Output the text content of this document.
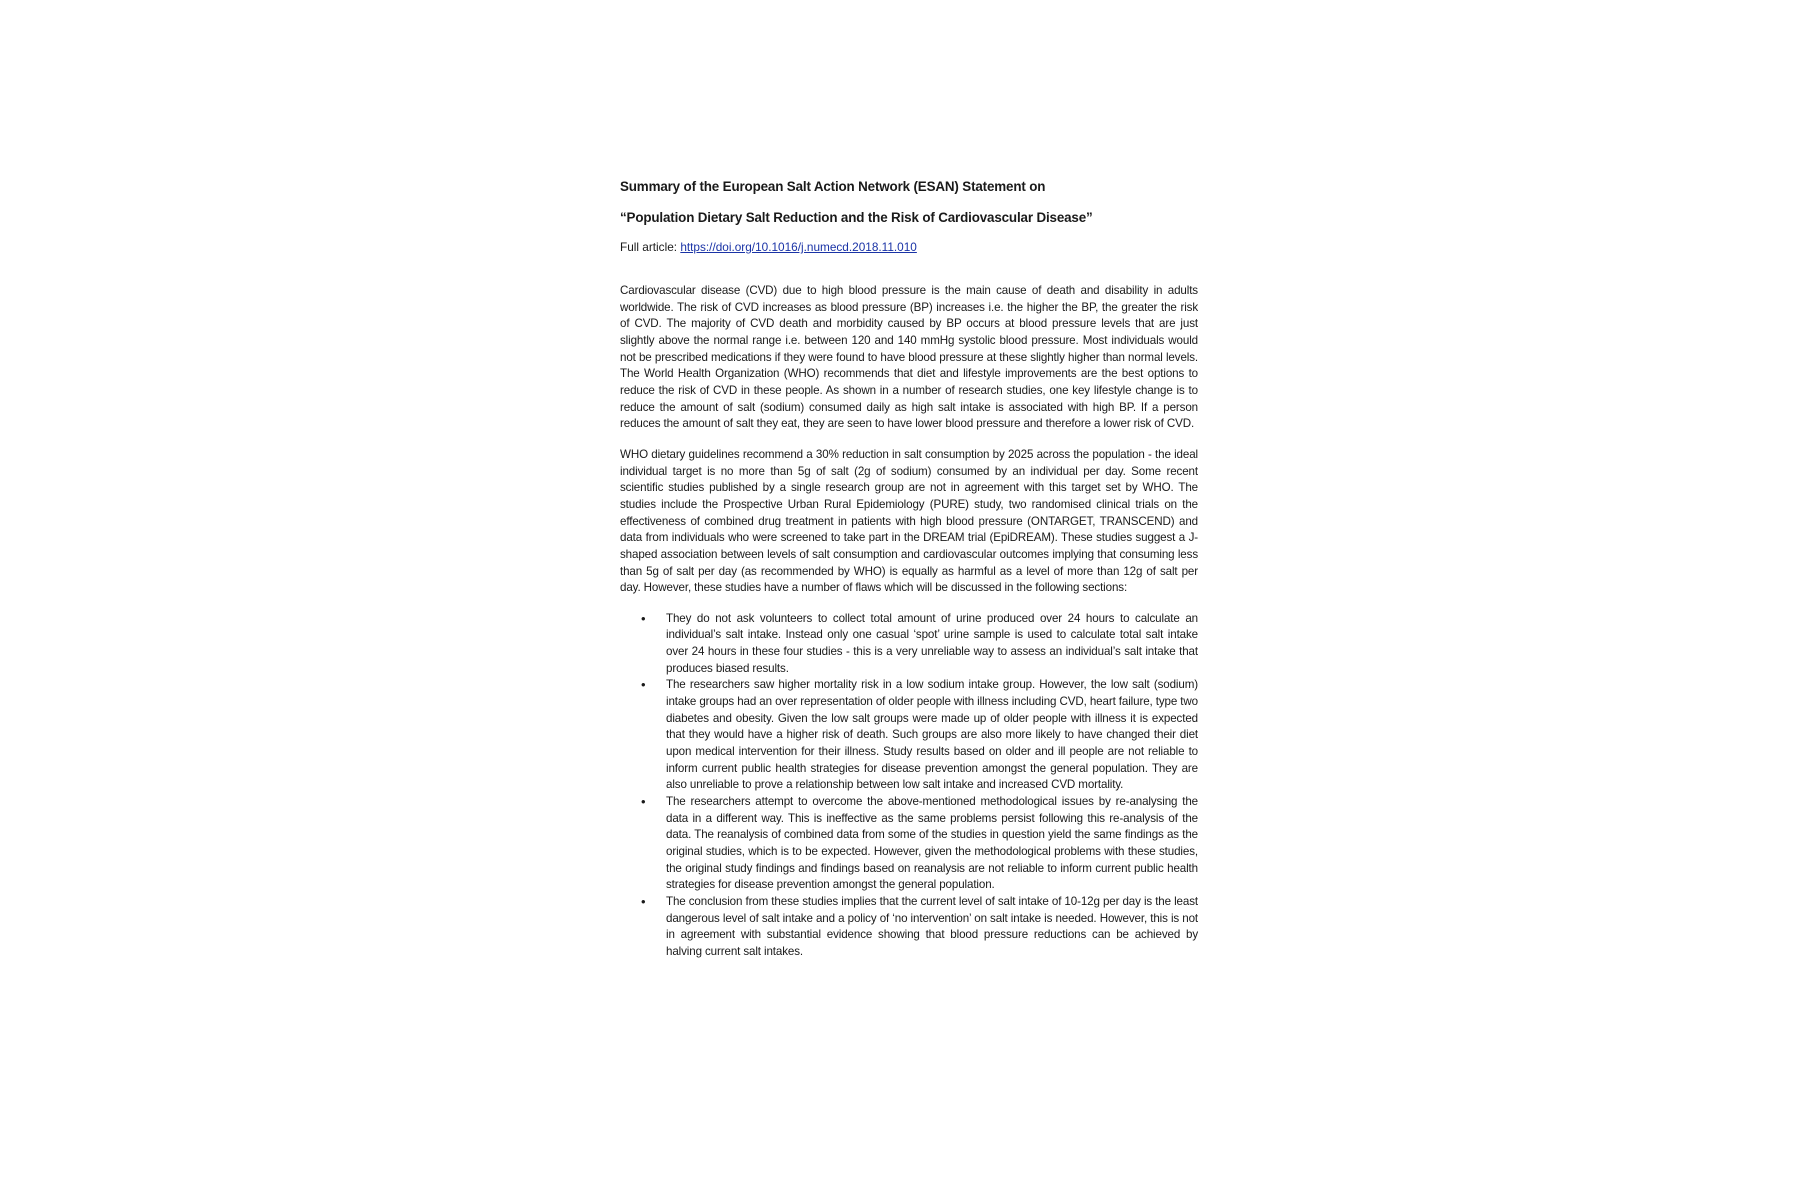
Summary of the European Salt Action Network (ESAN) Statement on
“Population Dietary Salt Reduction and the Risk of Cardiovascular Disease”
Full article: https://doi.org/10.1016/j.numecd.2018.11.010

Cardiovascular disease (CVD) due to high blood pressure is the main cause of death and disability in adults worldwide. The risk of CVD increases as blood pressure (BP) increases i.e. the higher the BP, the greater the risk of CVD. The majority of CVD death and morbidity caused by BP occurs at blood pressure levels that are just slightly above the normal range i.e. between 120 and 140 mmHg systolic blood pressure. Most individuals would not be prescribed medications if they were found to have blood pressure at these slightly higher than normal levels. The World Health Organization (WHO) recommends that diet and lifestyle improvements are the best options to reduce the risk of CVD in these people. As shown in a number of research studies, one key lifestyle change is to reduce the amount of salt (sodium) consumed daily as high salt intake is associated with high BP. If a person reduces the amount of salt they eat, they are seen to have lower blood pressure and therefore a lower risk of CVD.

WHO dietary guidelines recommend a 30% reduction in salt consumption by 2025 across the population - the ideal individual target is no more than 5g of salt (2g of sodium) consumed by an individual per day. Some recent scientific studies published by a single research group are not in agreement with this target set by WHO. The studies include the Prospective Urban Rural Epidemiology (PURE) study, two randomised clinical trials on the effectiveness of combined drug treatment in patients with high blood pressure (ONTARGET, TRANSCEND) and data from individuals who were screened to take part in the DREAM trial (EpiDREAM). These studies suggest a J-shaped association between levels of salt consumption and cardiovascular outcomes implying that consuming less than 5g of salt per day (as recommended by WHO) is equally as harmful as a level of more than 12g of salt per day. However, these studies have a number of flaws which will be discussed in the following sections:

• They do not ask volunteers to collect total amount of urine produced over 24 hours to calculate an individual’s salt intake. Instead only one casual ‘spot’ urine sample is used to calculate total salt intake over 24 hours in these four studies - this is a very unreliable way to assess an individual’s salt intake that produces biased results.
• The researchers saw higher mortality risk in a low sodium intake group. However, the low salt (sodium) intake groups had an over representation of older people with illness including CVD, heart failure, type two diabetes and obesity. Given the low salt groups were made up of older people with illness it is expected that they would have a higher risk of death. Such groups are also more likely to have changed their diet upon medical intervention for their illness. Study results based on older and ill people are not reliable to inform current public health strategies for disease prevention amongst the general population. They are also unreliable to prove a relationship between low salt intake and increased CVD mortality.
• The researchers attempt to overcome the above-mentioned methodological issues by re-analysing the data in a different way. This is ineffective as the same problems persist following this re-analysis of the data. The reanalysis of combined data from some of the studies in question yield the same findings as the original studies, which is to be expected. However, given the methodological problems with these studies, the original study findings and findings based on reanalysis are not reliable to inform current public health strategies for disease prevention amongst the general population.
• The conclusion from these studies implies that the current level of salt intake of 10-12g per day is the least dangerous level of salt intake and a policy of ‘no intervention’ on salt intake is needed. However, this is not in agreement with substantial evidence showing that blood pressure reductions can be achieved by halving current salt intakes.
